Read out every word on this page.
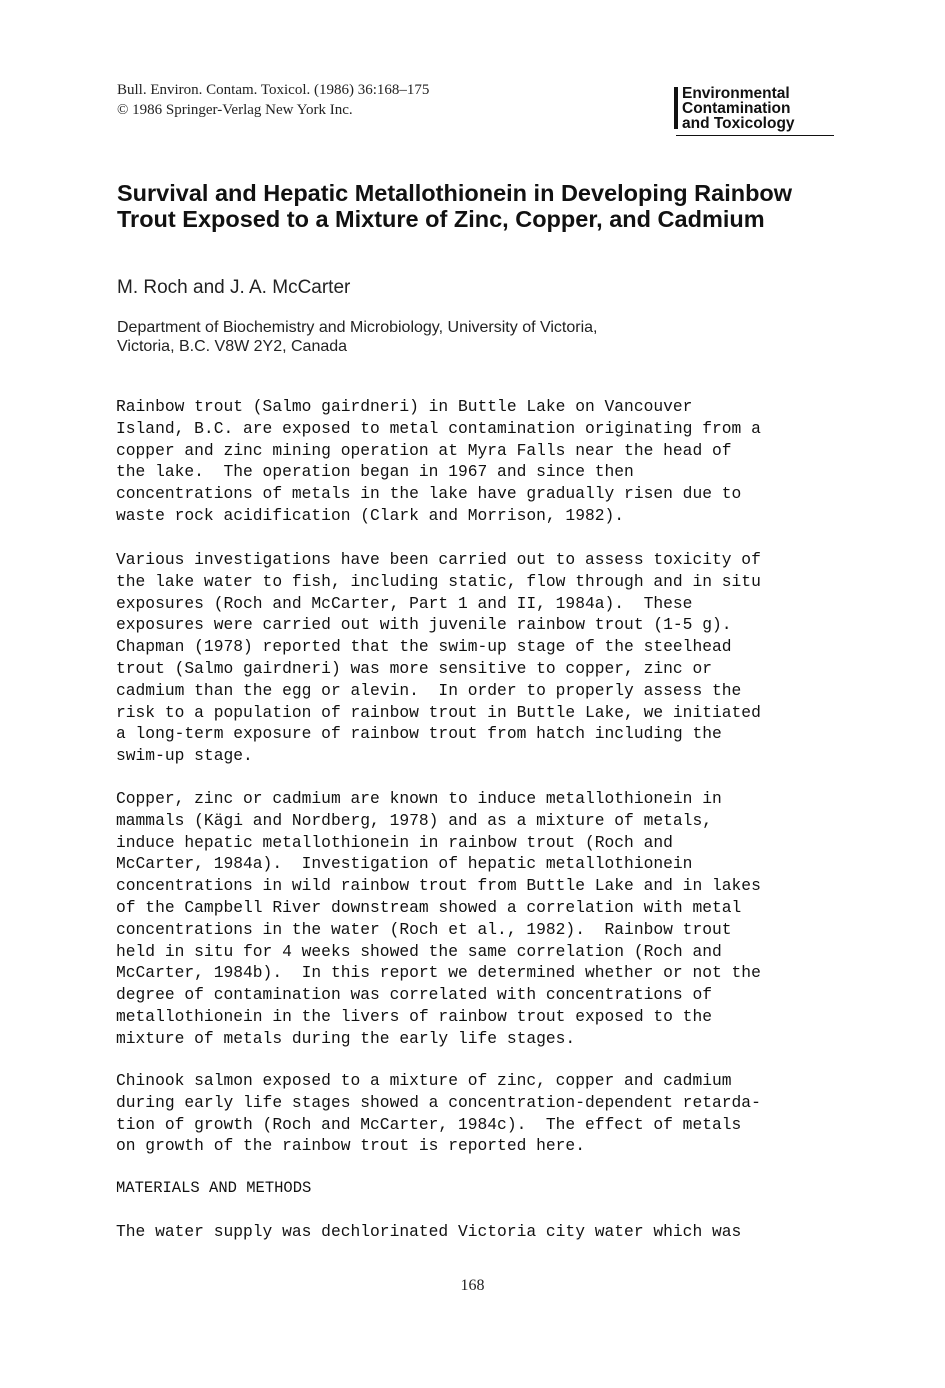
Bull. Environ. Contam. Toxicol. (1986) 36:168–175
© 1986 Springer-Verlag New York Inc.
Environmental
Contamination
and Toxicology
Survival and Hepatic Metallothionein in Developing Rainbow Trout Exposed to a Mixture of Zinc, Copper, and Cadmium
M. Roch and J. A. McCarter
Department of Biochemistry and Microbiology, University of Victoria,
Victoria, B.C. V8W 2Y2, Canada
Rainbow trout (Salmo gairdneri) in Buttle Lake on Vancouver
Island, B.C. are exposed to metal contamination originating from a
copper and zinc mining operation at Myra Falls near the head of
the lake.  The operation began in 1967 and since then
concentrations of metals in the lake have gradually risen due to
waste rock acidification (Clark and Morrison, 1982).
Various investigations have been carried out to assess toxicity of
the lake water to fish, including static, flow through and in situ
exposures (Roch and McCarter, Part 1 and II, 1984a).  These
exposures were carried out with juvenile rainbow trout (1-5 g).
Chapman (1978) reported that the swim-up stage of the steelhead
trout (Salmo gairdneri) was more sensitive to copper, zinc or
cadmium than the egg or alevin.  In order to properly assess the
risk to a population of rainbow trout in Buttle Lake, we initiated
a long-term exposure of rainbow trout from hatch including the
swim-up stage.
Copper, zinc or cadmium are known to induce metallothionein in
mammals (Kägi and Nordberg, 1978) and as a mixture of metals,
induce hepatic metallothionein in rainbow trout (Roch and
McCarter, 1984a).  Investigation of hepatic metallothionein
concentrations in wild rainbow trout from Buttle Lake and in lakes
of the Campbell River downstream showed a correlation with metal
concentrations in the water (Roch et al., 1982).  Rainbow trout
held in situ for 4 weeks showed the same correlation (Roch and
McCarter, 1984b).  In this report we determined whether or not the
degree of contamination was correlated with concentrations of
metallothionein in the livers of rainbow trout exposed to the
mixture of metals during the early life stages.
Chinook salmon exposed to a mixture of zinc, copper and cadmium
during early life stages showed a concentration-dependent retarda-
tion of growth (Roch and McCarter, 1984c).  The effect of metals
on growth of the rainbow trout is reported here.
MATERIALS AND METHODS
The water supply was dechlorinated Victoria city water which was
168
